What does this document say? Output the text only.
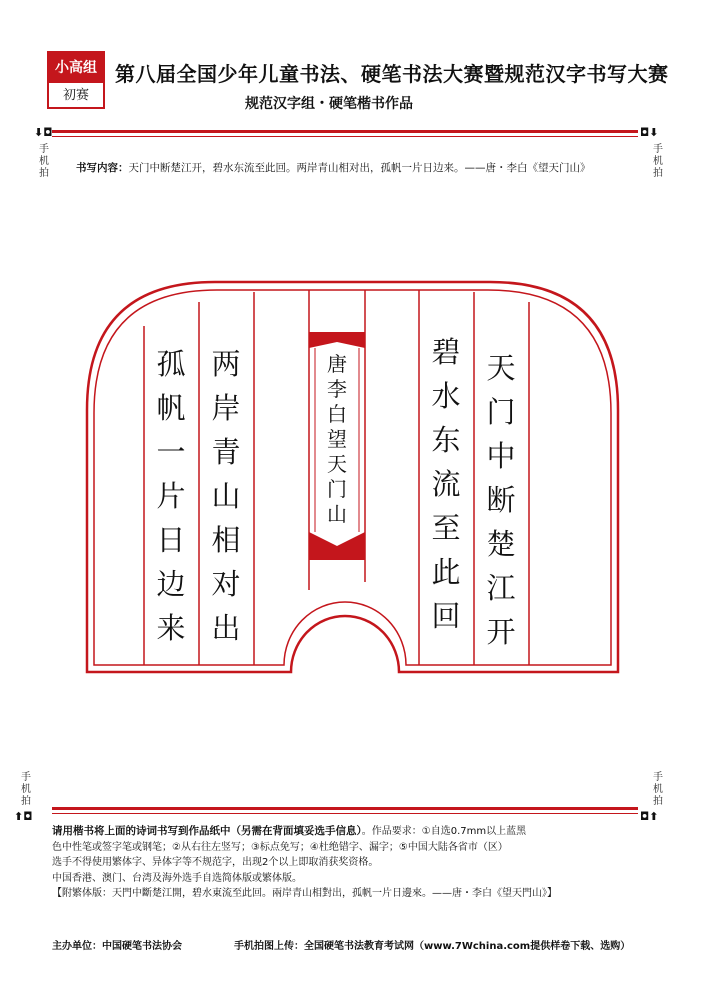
小高组
初赛
第八届全国少年儿童书法、硬笔书法大赛暨规范汉字书写大赛
规范汉字组・硬笔楷书作品
⬇◘
手机拍
◘⬇
手机拍
书写内容：天门中断楚江开，碧水东流至此回。两岸青山相对出，孤帆一片日边来。——唐・李白《望天门山》
天
门
中
断
楚
江
开
碧
水
东
流
至
此
回
两
岸
青
山
相
对
出
孤
帆
一
片
日
边
来
唐
李
白
望
天
门
山
手机拍
⬆◘
手机拍
◘⬆
请用楷书将上面的诗词书写到作品纸中（另需在背面填妥选手信息）。作品要求：①自选0.7mm以上蓝黑
色中性笔或签字笔或钢笔；②从右往左竖写；③标点免写；④杜绝错字、漏字；⑤中国大陆各省市（区）
选手不得使用繁体字、异体字等不规范字，出现2个以上即取消获奖资格。
中国香港、澳门、台湾及海外选手自选简体版或繁体版。
【附繁体版：天門中斷楚江開，碧水東流至此回。兩岸青山相對出，孤帆一片日邊來。——唐・李白《望天門山》】
主办单位：中国硬笔书法协会	手机拍图上传：全国硬笔书法教育考试网（www.7Wchina.com提供样卷下载、选购）
